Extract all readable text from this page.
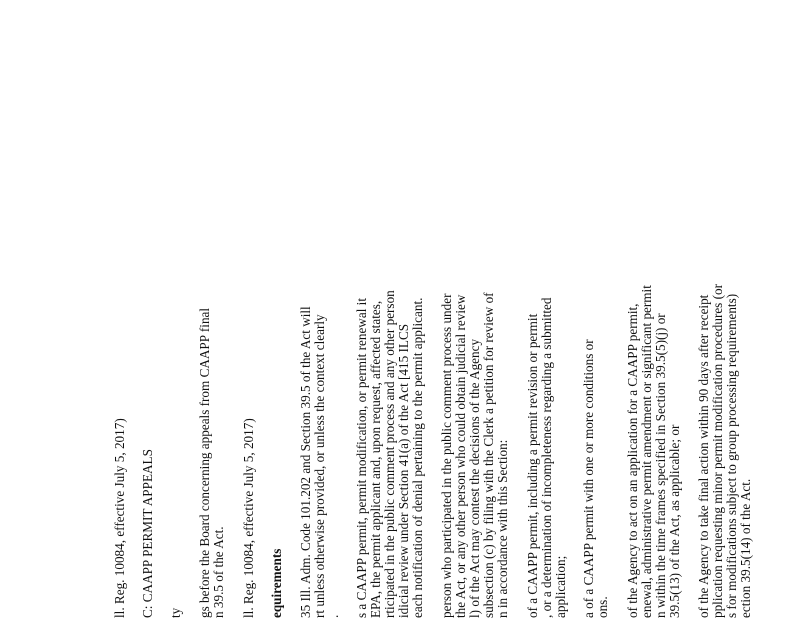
ll. Reg. 10084, effective July 5, 2017) C: CAAPP PERMIT APPEALS ty gs before the Board concerning appeals from CAAPP final n 39.5 of the Act. ll. Reg. 10084, effective July 5, 2017) equirements 35 Ill. Adm. Code 101.202 and Section 39.5 of the Act will rt unless otherwise provided, or unless the context clearly . s a CAAPP permit, permit modification, or permit renewal it EPA, the permit applicant and, upon request, affected states, rticipated in the public comment process and any other person idicial review under Section 41(a) of the Act [415 ILCS each notification of denial pertaining to the permit applicant. person who participated in the public comment process under the Act, or any other person who could obtain judicial review l) of the Act may contest the decisions of the Agency subsection (c) by filing with the Clerk a petition for review of n in accordance with this Section: of a CAAPP permit, including a permit revision or permit , or a determination of incompleteness regarding a submitted application; a of a CAAPP permit with one or more conditions or ons. of the Agency to act on an application for a CAAPP permit, enewal, administrative permit amendment or significant permit n within the time frames specified in Section 39.5(5)(j) or 39.5(13) of the Act, as applicable; or of the Agency to take final action within 90 days after receipt pplication requesting minor permit modification procedures (or s for modifications subject to group processing requirements) ection 39.5(14) of the Act.
